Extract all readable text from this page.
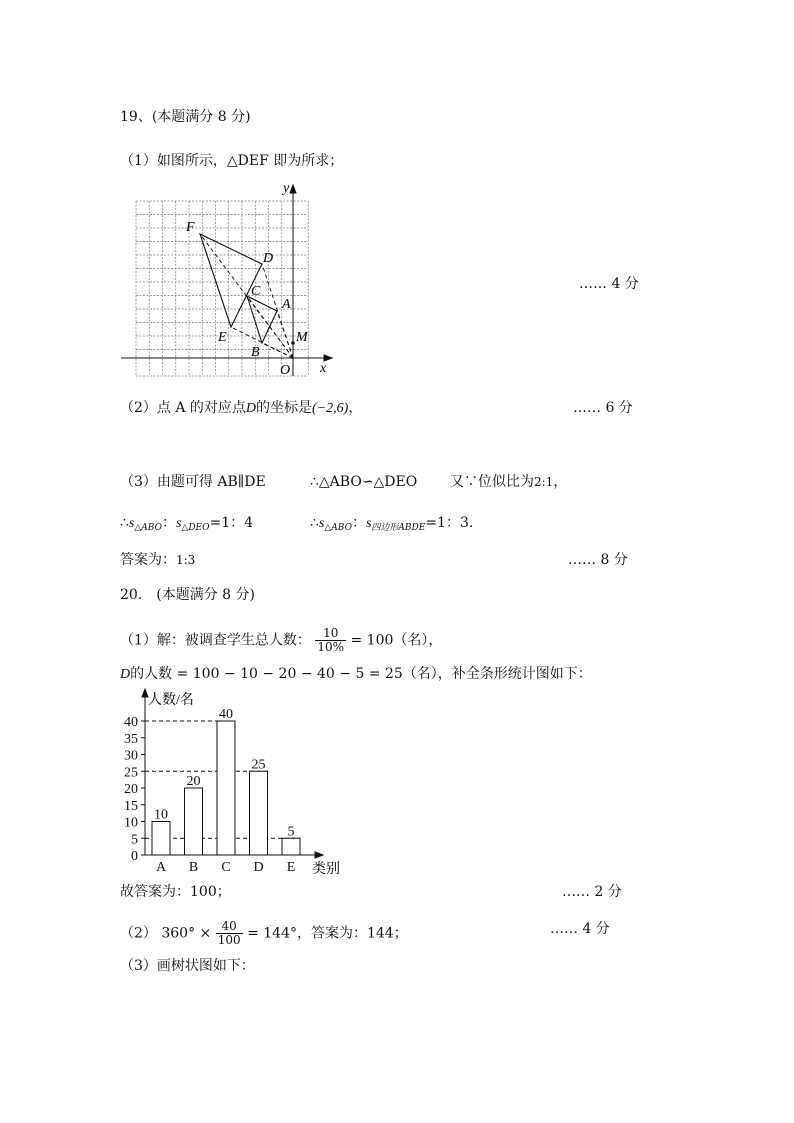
19、(本题满分 8 分)
（1）如图所示，△DEF 即为所求；
y
x
F
D
C
A
E
B
M
O
…… 4 分
（2）点 A 的对应点D的坐标是(−2,6)，	…… 6 分
（3）由题可得 AB∥DE	∴△ABO∽△DEO 又∵位似比为2:1，
$\therefore s_{\triangle ABO}$：$s_{\triangle DEO}=1$：4	$\therefore s_{\triangle ABO}$：$s_{四边形ABDE}=1$：3.
答案为：1:3	…… 8 分
20.　(本题满分 8 分)
（1）解：被调查学生总人数： $\frac{10}{10\%} = 100$（名），
D的人数 = 100 − 10 − 20 − 40 − 5 = 25（名），补全条形统计图如下：
人数/名
类别
0
5
10
15
20
25
30
35
40
10
A
20
B
40
C
25
D
5
E
故答案为：100；	…… 2 分
（2） $360^\circ \times \frac{40}{100} = 144^\circ$，答案为：144；	…… 4 分
（3）画树状图如下：
